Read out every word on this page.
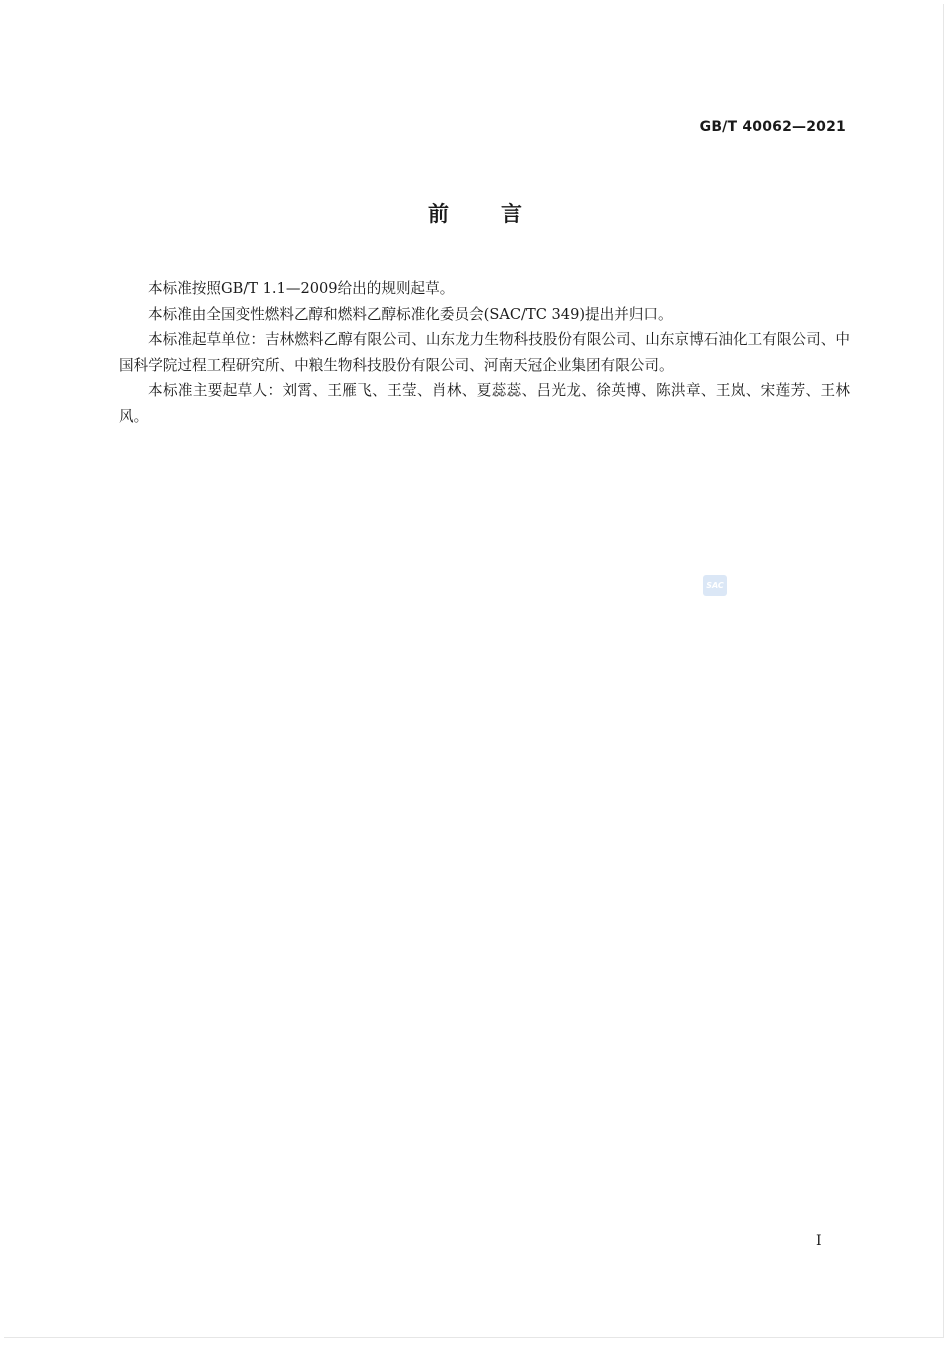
GB/T 40062—2021
前言

本标准按照GB/T 1.1—2009给出的规则起草。

本标准由全国变性燃料乙醇和燃料乙醇标准化委员会(SAC/TC 349)提出并归口。

本标准起草单位：吉林燃料乙醇有限公司、山东龙力生物科技股份有限公司、山东京博石油化工有限公司、中国科学院过程工程研究所、中粮生物科技股份有限公司、河南天冠企业集团有限公司。

本标准主要起草人：刘霄、王雁飞、王莹、肖林、夏蕊蕊、吕光龙、徐英博、陈洪章、王岚、宋莲芳、王林风。

SAC
I
